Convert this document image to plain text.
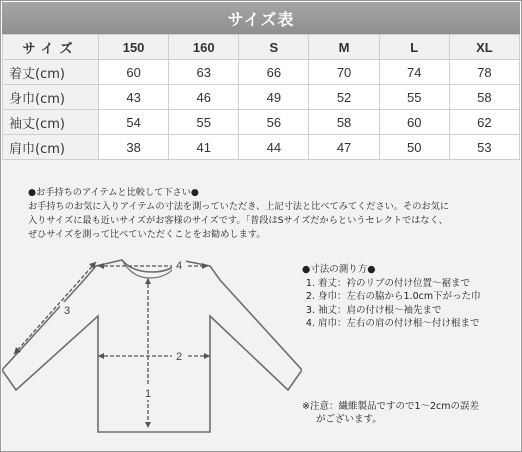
サイズ表
サイズ	150	160	S	M	L	XL
着丈(cm)	60	63	66	70	74	78
身巾(cm)	43	46	49	52	55	58
袖丈(cm)	54	55	56	58	60	62
肩巾(cm)	38	41	44	47	50	53
●お手持ちのアイテムと比較して下さい●
お手持ちのお気に入りアイテムの寸法を測っていただき、上記寸法と比べてみてください。そのお気に
入りサイズに最も近いサイズがお客様のサイズです。「普段はSサイズだからというセレクトではなく、
ぜひサイズを測って比べていただくことをお勧めします。
4
2
1
3
●寸法の測り方●
1. 着丈：衿のリブの付け位置～裾まで
2. 身巾：左右の脇から1.0cm下がった巾
3. 袖丈：肩の付け根～袖先まで
4. 肩巾：左右の肩の付け根～付け根まで
※注意：繊維製品ですので1～2cmの誤差
がございます。
